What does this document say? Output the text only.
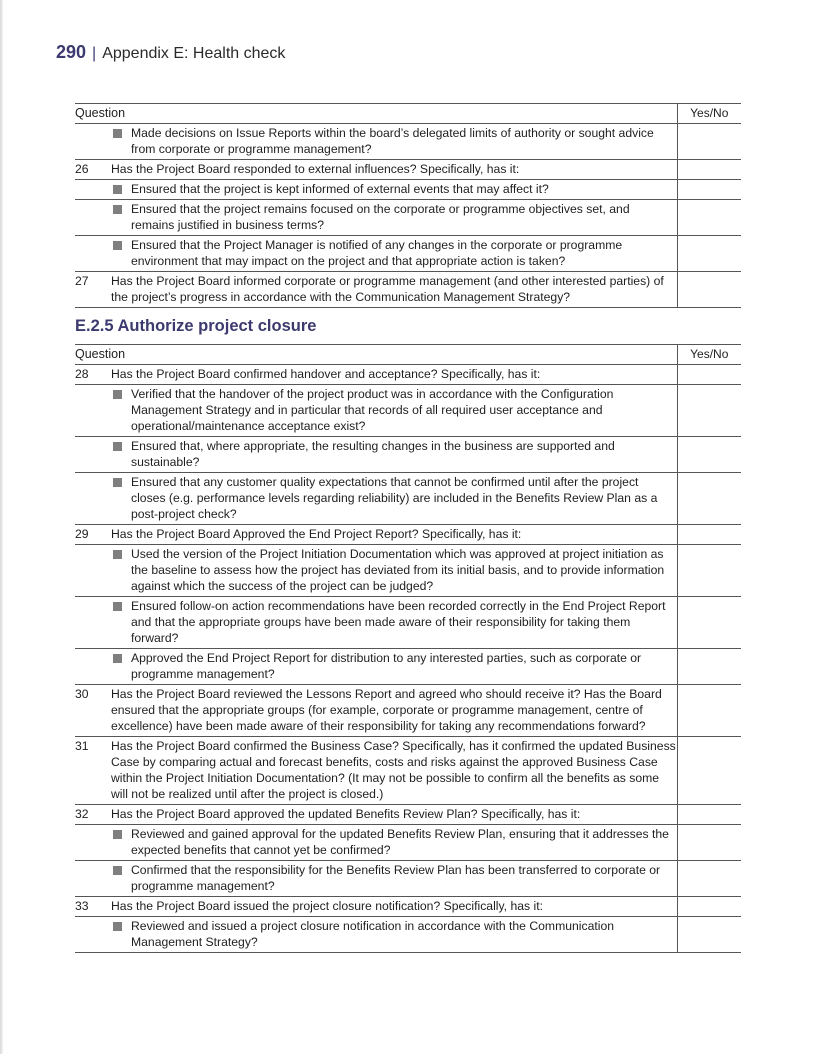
290 | Appendix E: Health check
Question		Yes/No

	Made decisions on Issue Reports within the board’s delegated limits of authority or sought advice from corporate or programme management?	

26	Has the Project Board responded to external influences? Specifically, has it:	

	Ensured that the project is kept informed of external events that may affect it?	

	Ensured that the project remains focused on the corporate or programme objectives set, and remains justified in business terms?	

	Ensured that the Project Manager is notified of any changes in the corporate or programme environment that may impact on the project and that appropriate action is taken?	

27	Has the Project Board informed corporate or programme management (and other interested parties) of the project’s progress in accordance with the Communication Management Strategy?	
E.2.5 Authorize project closure
Question		Yes/No
28	Has the Project Board confirmed handover and acceptance? Specifically, has it:	

	Verified that the handover of the project product was in accordance with the Configuration Management Strategy and in particular that records of all required user acceptance and operational/maintenance acceptance exist?	

	Ensured that, where appropriate, the resulting changes in the business are supported and sustainable?	

	Ensured that any customer quality expectations that cannot be confirmed until after the project closes (e.g. performance levels regarding reliability) are included in the Benefits Review Plan as a post-project check?	

29	Has the Project Board Approved the End Project Report? Specifically, has it:	

	Used the version of the Project Initiation Documentation which was approved at project initiation as the baseline to assess how the project has deviated from its initial basis, and to provide information against which the success of the project can be judged?	

	Ensured follow-on action recommendations have been recorded correctly in the End Project Report and that the appropriate groups have been made aware of their responsibility for taking them forward?	

	Approved the End Project Report for distribution to any interested parties, such as corporate or programme management?	

30	Has the Project Board reviewed the Lessons Report and agreed who should receive it? Has the Board ensured that the appropriate groups (for example, corporate or programme management, centre of excellence) have been made aware of their responsibility for taking any recommendations forward?	
31	Has the Project Board confirmed the Business Case? Specifically, has it confirmed the updated Business Case by comparing actual and forecast benefits, costs and risks against the approved Business Case within the Project Initiation Documentation? (It may not be possible to confirm all the benefits as some will not be realized until after the project is closed.)	
32	Has the Project Board approved the updated Benefits Review Plan? Specifically, has it:	

	Reviewed and gained approval for the updated Benefits Review Plan, ensuring that it addresses the expected benefits that cannot yet be confirmed?	

	Confirmed that the responsibility for the Benefits Review Plan has been transferred to corporate or programme management?	

33	Has the Project Board issued the project closure notification? Specifically, has it:	

	Reviewed and issued a project closure notification in accordance with the Communication Management Strategy?	
